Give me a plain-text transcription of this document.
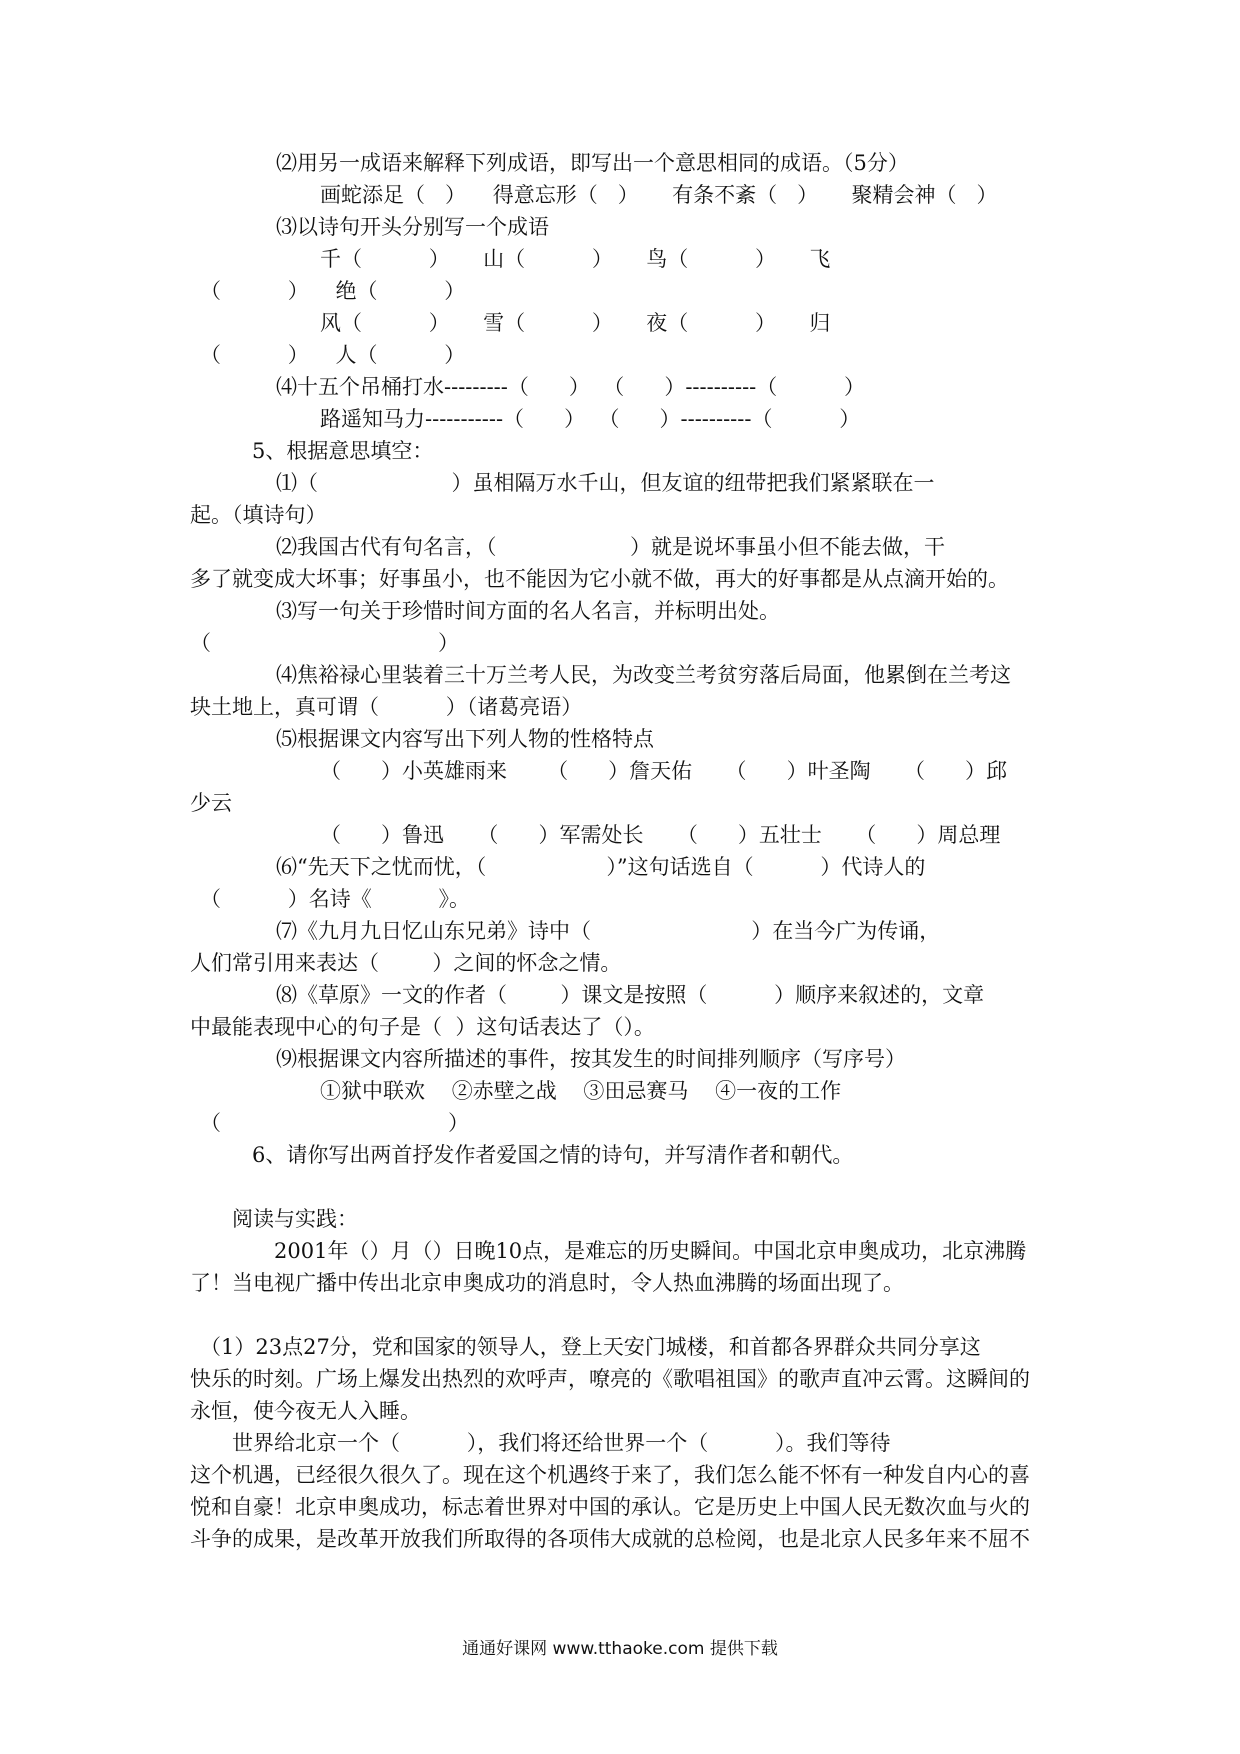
⑵用另一成语来解释下列成语，即写出一个意思相同的成语。（5分）

画蛇添足（   ）    得意忘形（   ）     有条不紊（   ）     聚精会神（   ）

⑶以诗句开头分别写一个成语

千（          ）     山（          ）     鸟（          ）     飞

（          ）    绝（          ）

风（          ）     雪（          ）     夜（          ）     归

（          ）    人（          ）

⑷十五个吊桶打水---------（      ）  （      ）----------（          ）

路遥知马力-----------（      ）  （      ）----------（          ）

5、根据意思填空：

⑴（                    ）虽相隔万水千山，但友谊的纽带把我们紧紧联在一

起。（填诗句）

⑵我国古代有句名言，（                    ）就是说坏事虽小但不能去做，干

多了就变成大坏事；好事虽小，也不能因为它小就不做，再大的好事都是从点滴开始的。

⑶写一句关于珍惜时间方面的名人名言，并标明出处。

（                                  ）

⑷焦裕禄心里装着三十万兰考人民，为改变兰考贫穷落后局面，他累倒在兰考这

块土地上，真可谓（          ）（诸葛亮语）

⑸根据课文内容写出下列人物的性格特点

（      ）小英雄雨来      （      ）詹天佑     （      ）叶圣陶     （      ）邱

少云

（      ）鲁迅     （      ）军需处长     （      ）五壮士     （      ）周总理

⑹“先天下之忧而忧，（                  ）”这句话选自（          ）代诗人的

（          ）名诗《          》。

⑺《九月九日忆山东兄弟》诗中（                        ）在当今广为传诵，

人们常引用来表达（        ）之间的怀念之情。

⑻《草原》一文的作者（        ）课文是按照（          ）顺序来叙述的，文章

中最能表现中心的句子是（  ）这句话表达了（）。

⑼根据课文内容所描述的事件，按其发生的时间排列顺序（写序号）

①狱中联欢    ②赤壁之战    ③田忌赛马    ④一夜的工作

（                                  ）

6、请你写出两首抒发作者爱国之情的诗句，并写清作者和朝代。

阅读与实践：

2001年（）月（）日晚10点，是难忘的历史瞬间。中国北京申奥成功，北京沸腾

了！当电视广播中传出北京申奥成功的消息时，令人热血沸腾的场面出现了。

（1）23点27分，党和国家的领导人，登上天安门城楼，和首都各界群众共同分享这

快乐的时刻。广场上爆发出热烈的欢呼声，嘹亮的《歌唱祖国》的歌声直冲云霄。这瞬间的

永恒，使今夜无人入睡。

世界给北京一个（          ），我们将还给世界一个（          ）。我们等待

这个机遇，已经很久很久了。现在这个机遇终于来了，我们怎么能不怀有一种发自内心的喜

悦和自豪！北京申奥成功，标志着世界对中国的承认。它是历史上中国人民无数次血与火的

斗争的成果，是改革开放我们所取得的各项伟大成就的总检阅，也是北京人民多年来不屈不

通通好课网 www.tthaoke.com 提供下载
